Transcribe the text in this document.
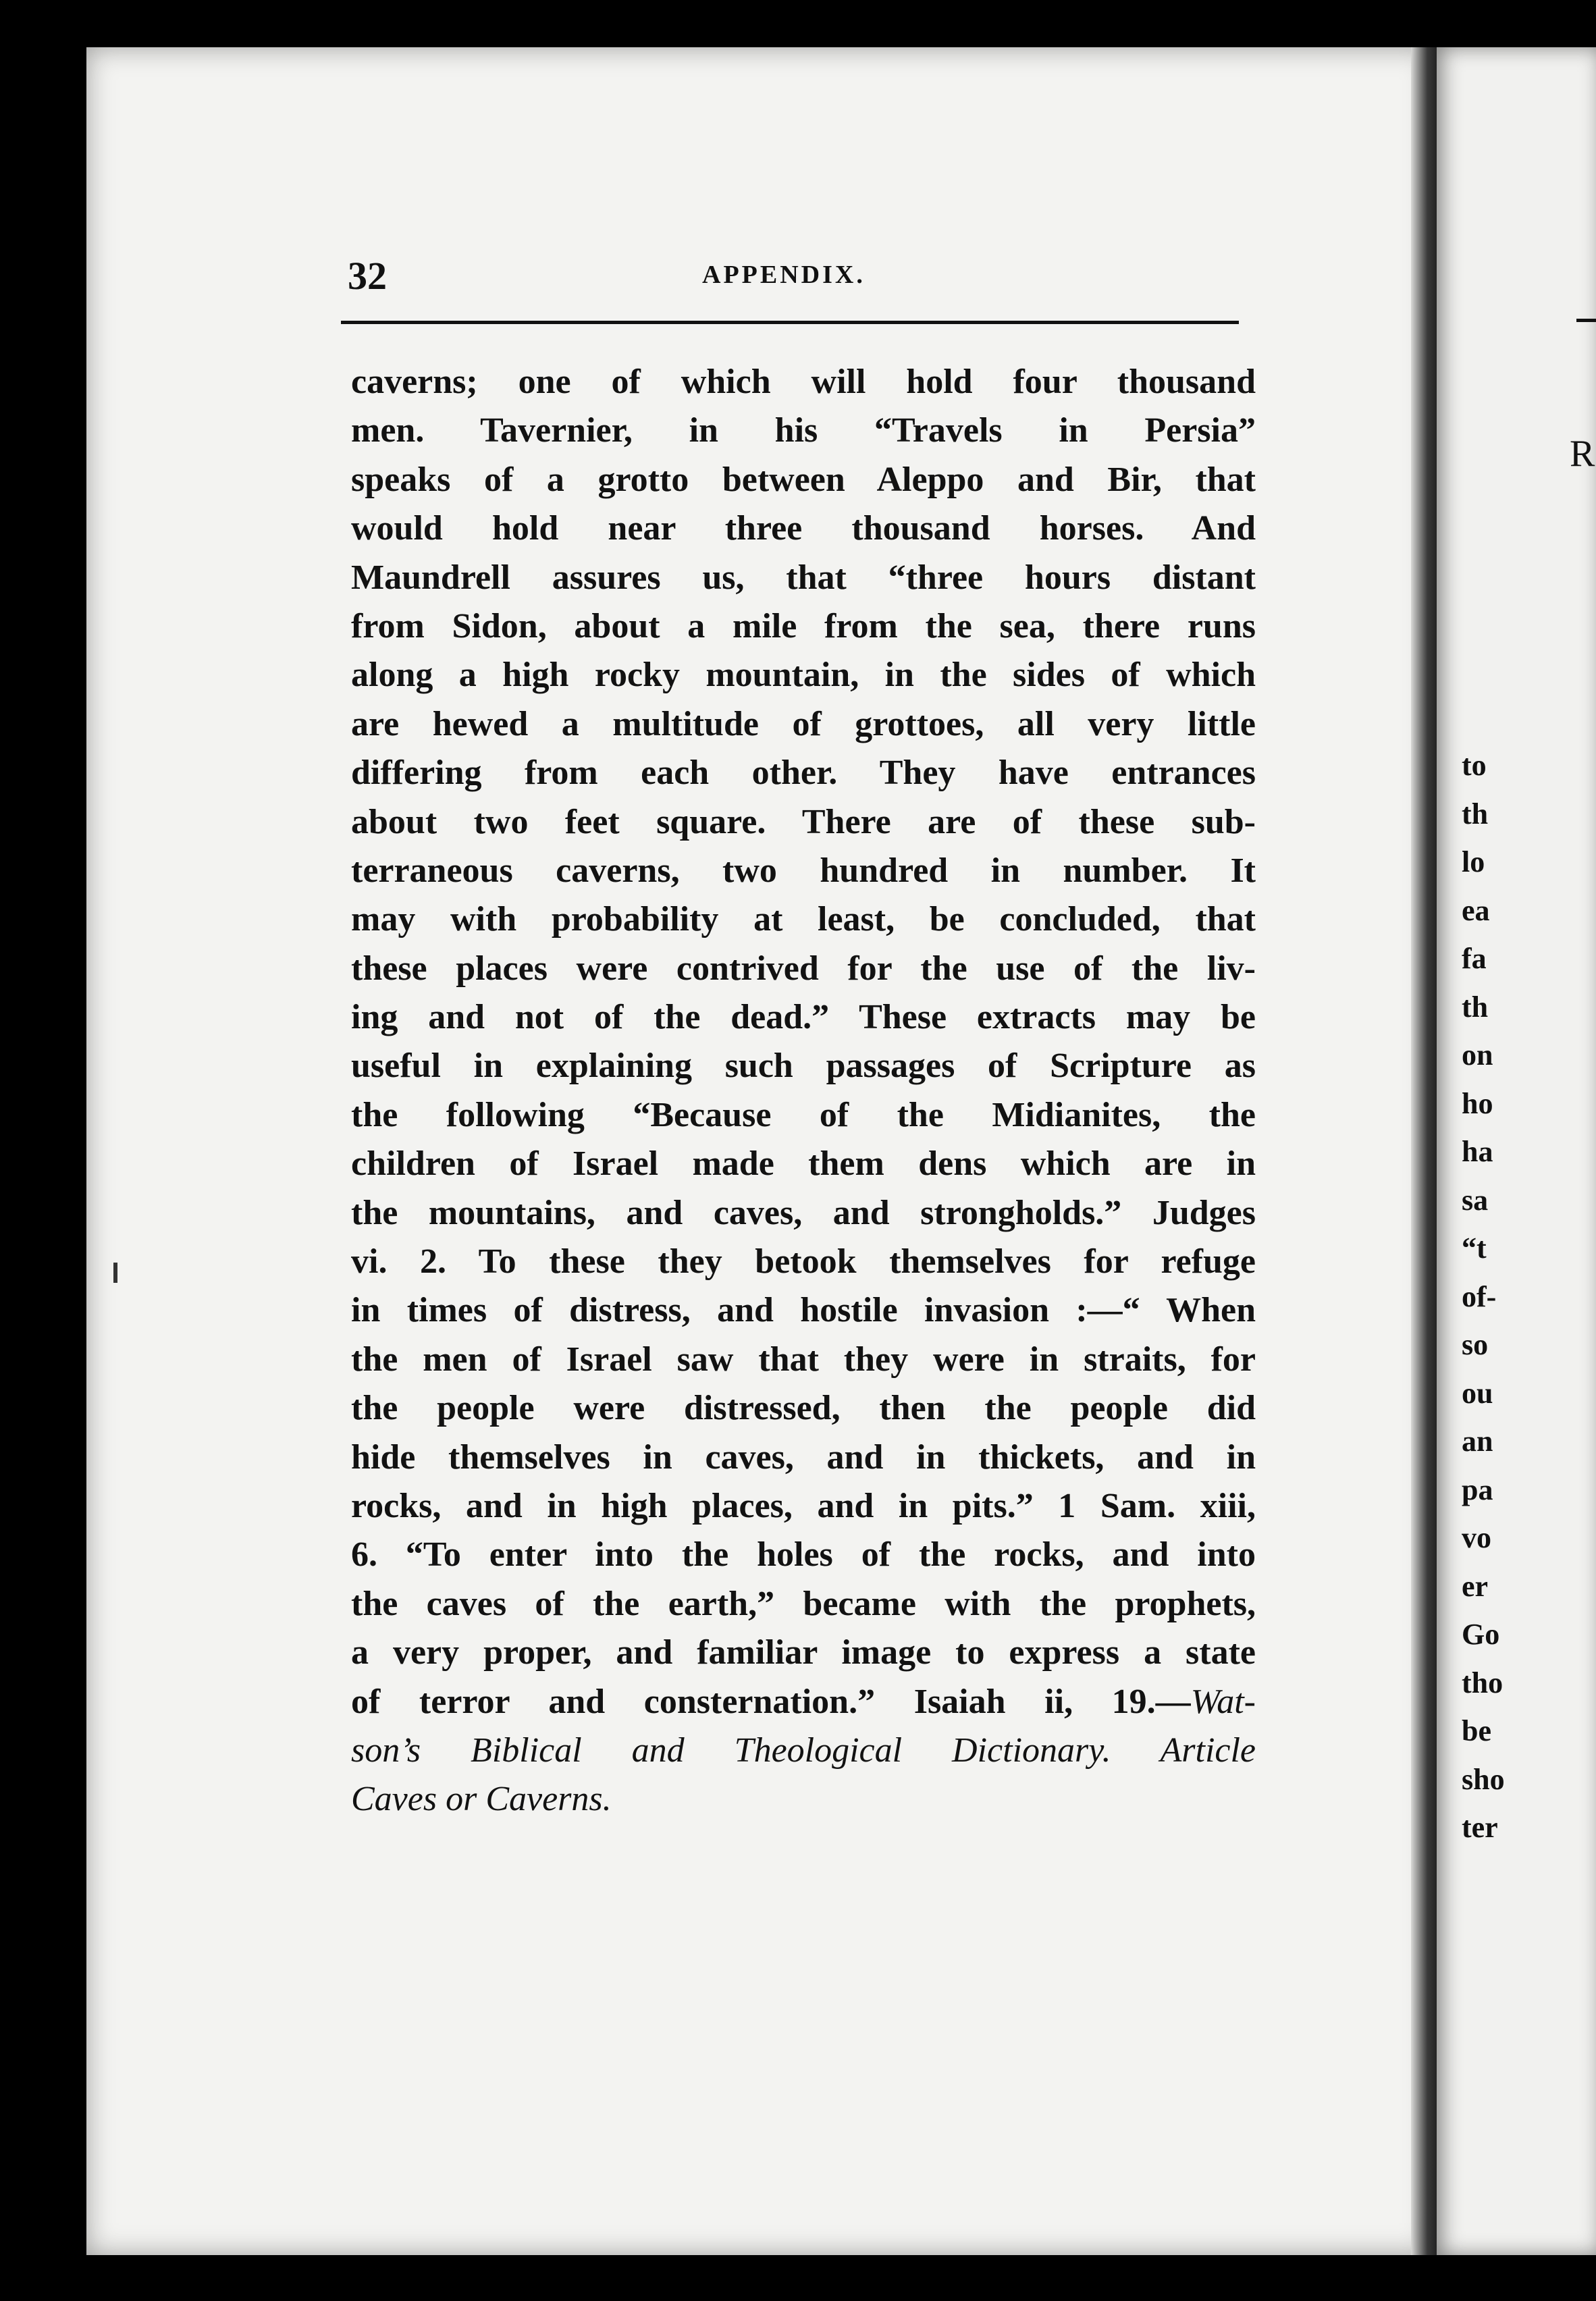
32	APPENDIX.
caverns; one of which will hold four thousand
men. Tavernier, in his “Travels in Persia”
speaks of a grotto between Aleppo and Bir, that
would hold near three thousand horses. And
Maundrell assures us, that “three hours distant
from Sidon, about a mile from the sea, there runs
along a high rocky mountain, in the sides of which
are hewed a multitude of grottoes, all very little
differing from each other. They have entrances
about two feet square. There are of these sub-
terraneous caverns, two hundred in number. It
may with probability at least, be concluded, that
these places were contrived for the use of the liv-
ing and not of the dead.” These extracts may be
useful in explaining such passages of Scripture as
the following “Because of the Midianites, the
children of Israel made them dens which are in
the mountains, and caves, and strongholds.” Judges
vi. 2. To these they betook themselves for refuge
in times of distress, and hostile invasion :—“ When
the men of Israel saw that they were in straits, for
the people were distressed, then the people did
hide themselves in caves, and in thickets, and in
rocks, and in high places, and in pits.” 1 Sam. xiii,
6. “To enter into the holes of the rocks, and into
the caves of the earth,” became with the prophets,
a very proper, and familiar image to express a state
of terror and consternation.” Isaiah ii, 19.—Wat-
son’s Biblical and Theological Dictionary. Article
Caves or Caverns.
R
to
th
lo
ea
fa
th
on
ho
ha
sa
“t
of-
so
ou
an
pa
vo
er
Go
tho
be
sho
ter
